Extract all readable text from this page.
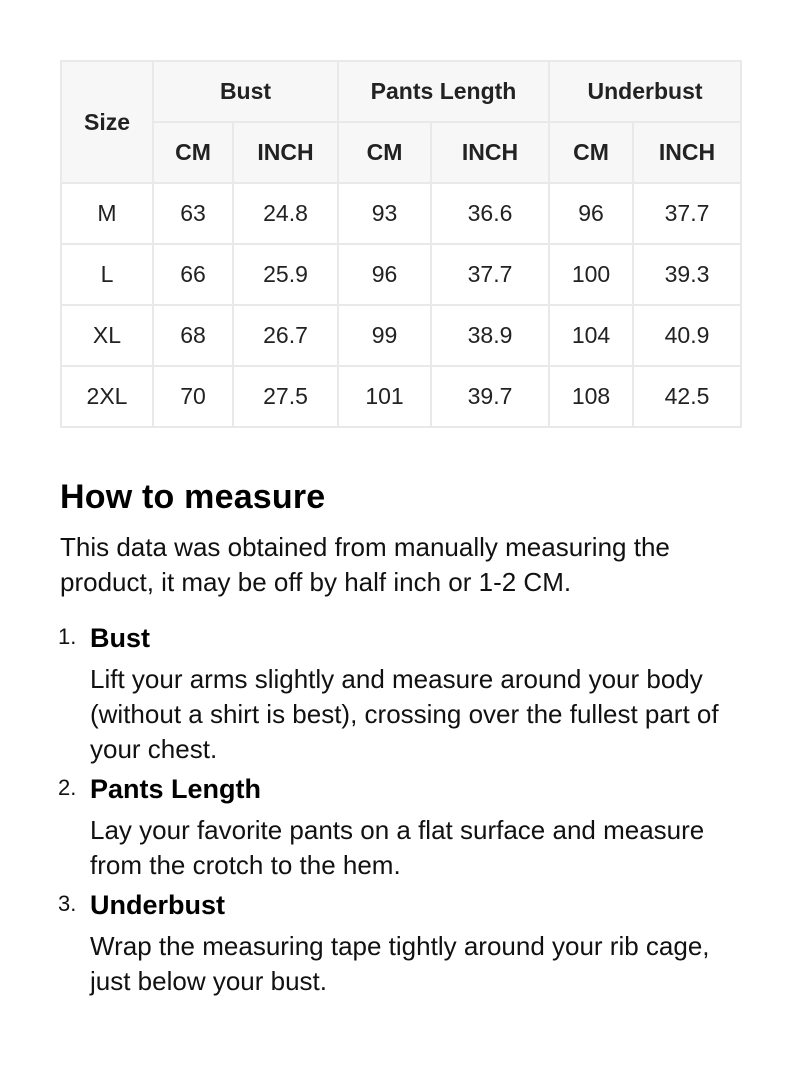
Size	Bust		Pants Length		Underbust	
	CM	INCH	CM	INCH	CM	INCH
M	63	24.8	93	36.6	96	37.7
L	66	25.9	96	37.7	100	39.3
XL	68	26.7	99	38.9	104	40.9
2XL	70	27.5	101	39.7	108	42.5
How to measure

This data was obtained from manually measuring the product, it may be off by half inch or 1-2 CM.

1. Bust
Lift your arms slightly and measure around your body (without a shirt is best), crossing over the fullest part of your chest.
2. Pants Length
Lay your favorite pants on a flat surface and measure from the crotch to the hem.
3. Underbust
Wrap the measuring tape tightly around your rib cage, just below your bust.
